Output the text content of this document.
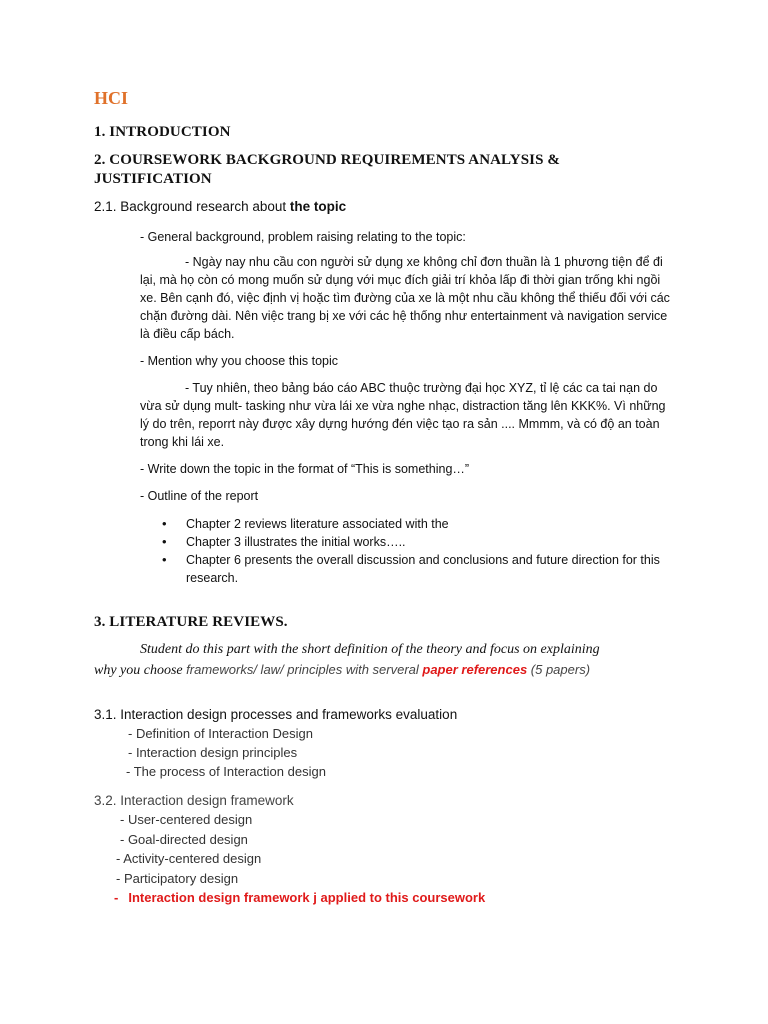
HCI
1. INTRODUCTION
2. COURSEWORK BACKGROUND REQUIREMENTS ANALYSIS &
JUSTIFICATION
2.1. Background research about the topic
- General background, problem raising relating to the topic:
- Ngày nay nhu cầu con người sử dụng xe không chỉ đơn thuần là 1 phương tiện để đi lại, mà họ còn có mong muốn sử dụng với mục đích giải trí khỏa lấp đi thời gian trống khi ngồi xe. Bên cạnh đó, việc định vị hoặc tìm đường của xe là một nhu cầu không thể thiếu đối với các chặn đường dài. Nên việc trang bị xe với các hệ thống như entertainment và navigation service là điều cấp bách.
- Mention why you choose this topic
- Tuy nhiên, theo bảng báo cáo ABC thuộc trường đại học XYZ, tỉ lệ các ca tai nạn do vừa sử dụng mult- tasking như vừa lái xe vừa nghe nhạc, distraction tăng lên KKK%. Vì những lý do trên, reporrt này được xây dựng hướng đén việc tạo ra sản .... Mmmm, và có độ an toàn trong khi lái xe.
- Write down the topic in the format of “This is something…”
- Outline of the report
• Chapter 2 reviews literature associated with the
• Chapter 3 illustrates the initial works…..
• Chapter 6 presents the overall discussion and conclusions and future direction for this research.
3. LITERATURE REVIEWS.
Student do this part with the short definition of the theory and focus on explaining
why you choose frameworks/ law/ principles with serveral paper references (5 papers)
3.1. Interaction design processes and frameworks evaluation
- Definition of Interaction Design
- Interaction design principles
- The process of Interaction design
3.2. Interaction design framework
- User-centered design
- Goal-directed design
- Activity-centered design
- Participatory design
- Interaction design framework j applied to this coursework
